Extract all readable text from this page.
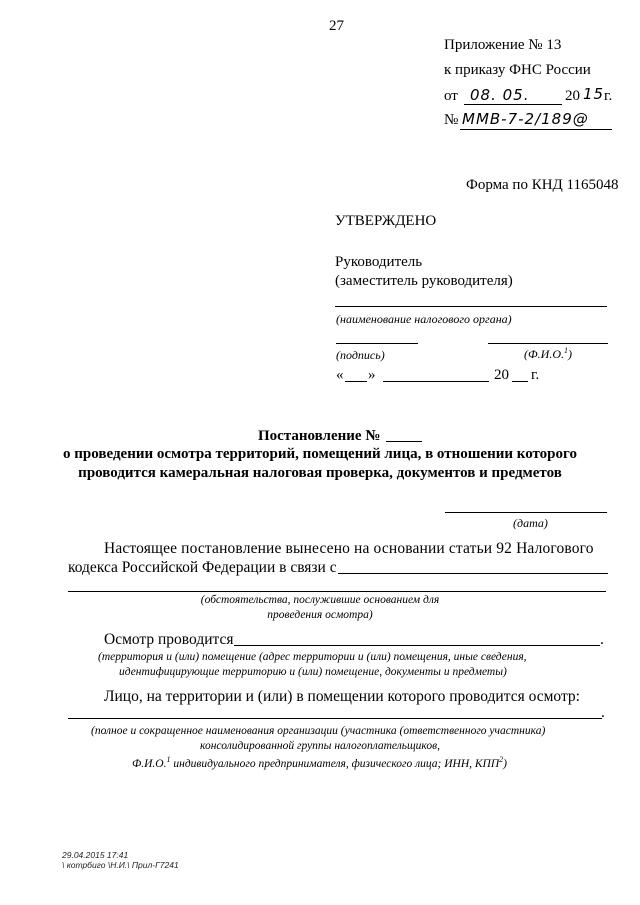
27
Приложение № 13
к приказу ФНС России
от 08. 05. 20 15 г.
№ ММВ-7-2/189@
Форма по КНД 1165048
УТВЕРЖДЕНО
Руководитель
(заместитель руководителя)
(наименование налогового органа)
(подпись)	(Ф.И.О.$^1$)
« »	20 г.
Постановление №
о проведении осмотра территорий, помещений лица, в отношении которого
проводится камеральная налоговая проверка, документов и предметов
(дата)
Настоящее постановление вынесено на основании статьи 92 Налогового
кодекса Российской Федерации в связи с
(обстоятельства, послужившие основанием для
проведения осмотра)
Осмотр проводится	.
(территория и (или) помещение (адрес территории и (или) помещения, иные сведения,
идентифицирующие территорию и (или) помещение, документы и предметы)
Лицо, на территории и (или) в помещении которого проводится осмотр:
.
(полное и сокращенное наименования организации (участника (ответственного участника)
консолидированной группы налогоплательщиков,
Ф.И.О.$^1$ индивидуального предпринимателя, физического лица; ИНН, КПП$^2$)
29.04.2015 17:41
\ котрбиго \Н.И.\ Прил-Г7241
